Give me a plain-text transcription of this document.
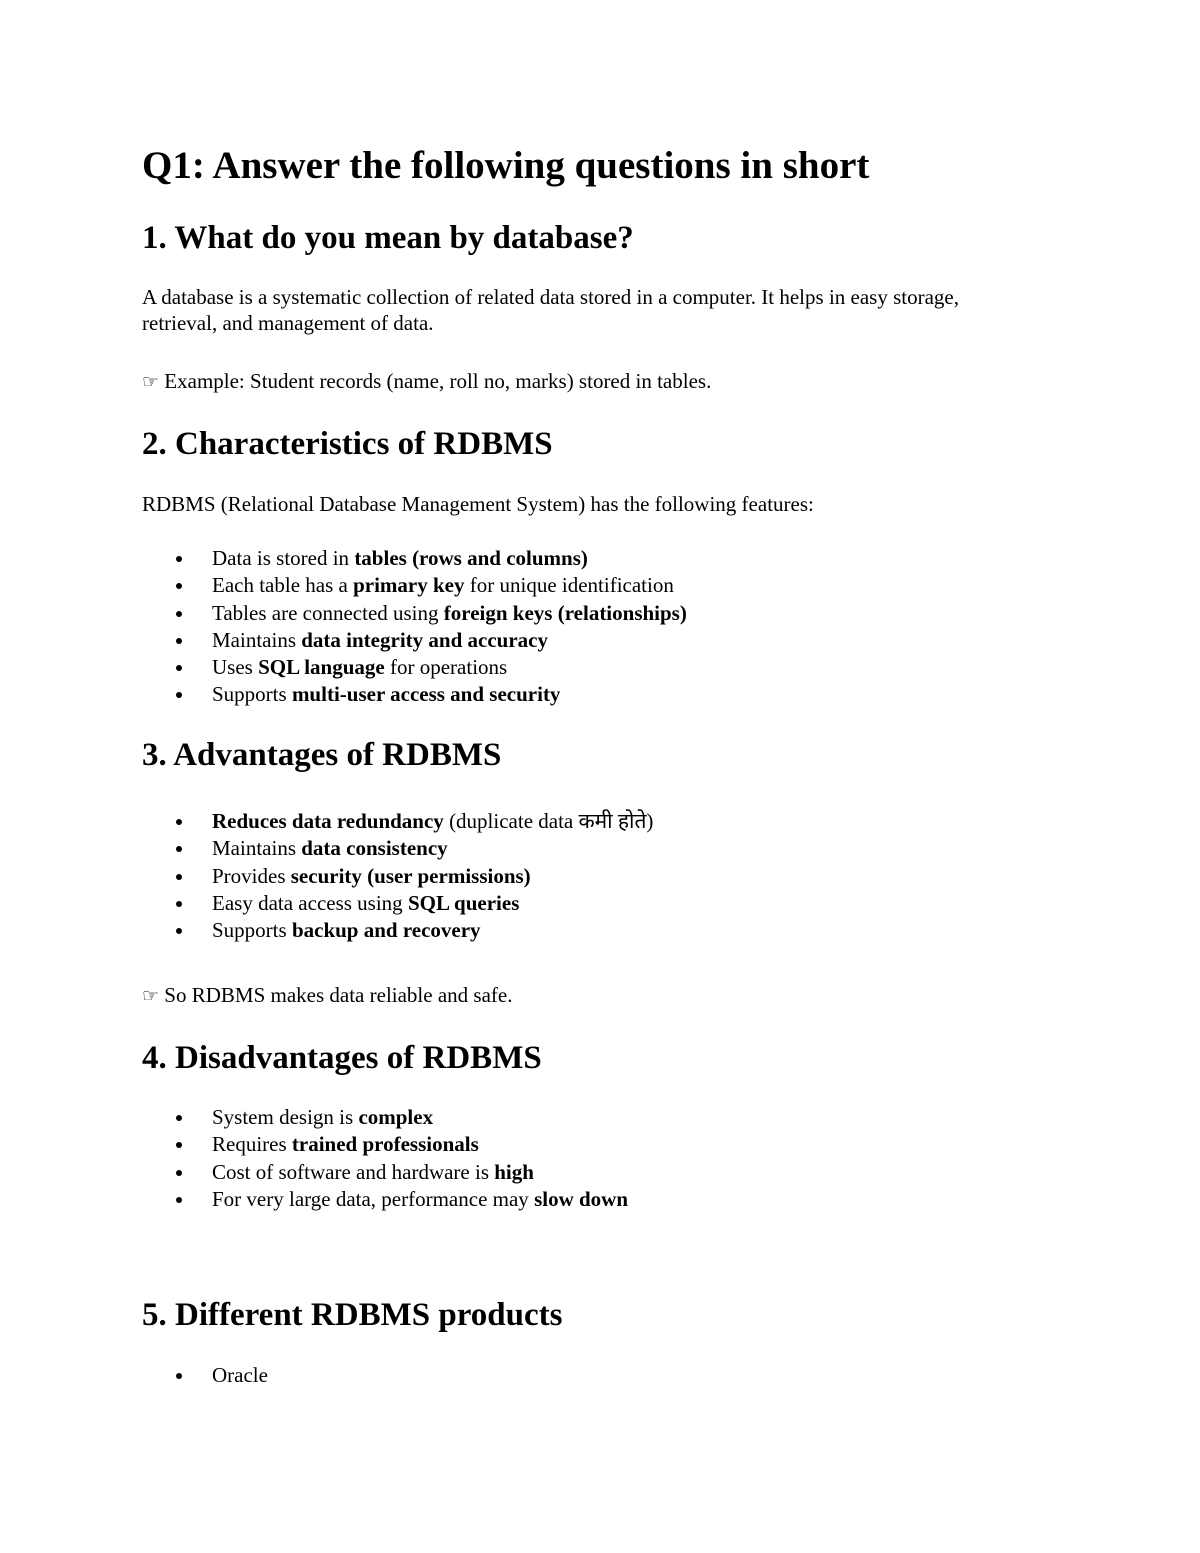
Q1: Answer the following questions in short
1. What do you mean by database?

A database is a systematic collection of related data stored in a computer. It helps in easy storage, retrieval, and management of data.

☞ Example: Student records (name, roll no, marks) stored in tables.

2. Characteristics of RDBMS

RDBMS (Relational Database Management System) has the following features:

Data is stored in tables (rows and columns)
Each table has a primary key for unique identification
Tables are connected using foreign keys (relationships)
Maintains data integrity and accuracy
Uses SQL language for operations
Supports multi-user access and security
3. Advantages of RDBMS
Reduces data redundancy (duplicate data कमी होते)
Maintains data consistency
Provides security (user permissions)
Easy data access using SQL queries
Supports backup and recovery

☞ So RDBMS makes data reliable and safe.

4. Disadvantages of RDBMS
System design is complex
Requires trained professionals
Cost of software and hardware is high
For very large data, performance may slow down
5. Different RDBMS products
Oracle
